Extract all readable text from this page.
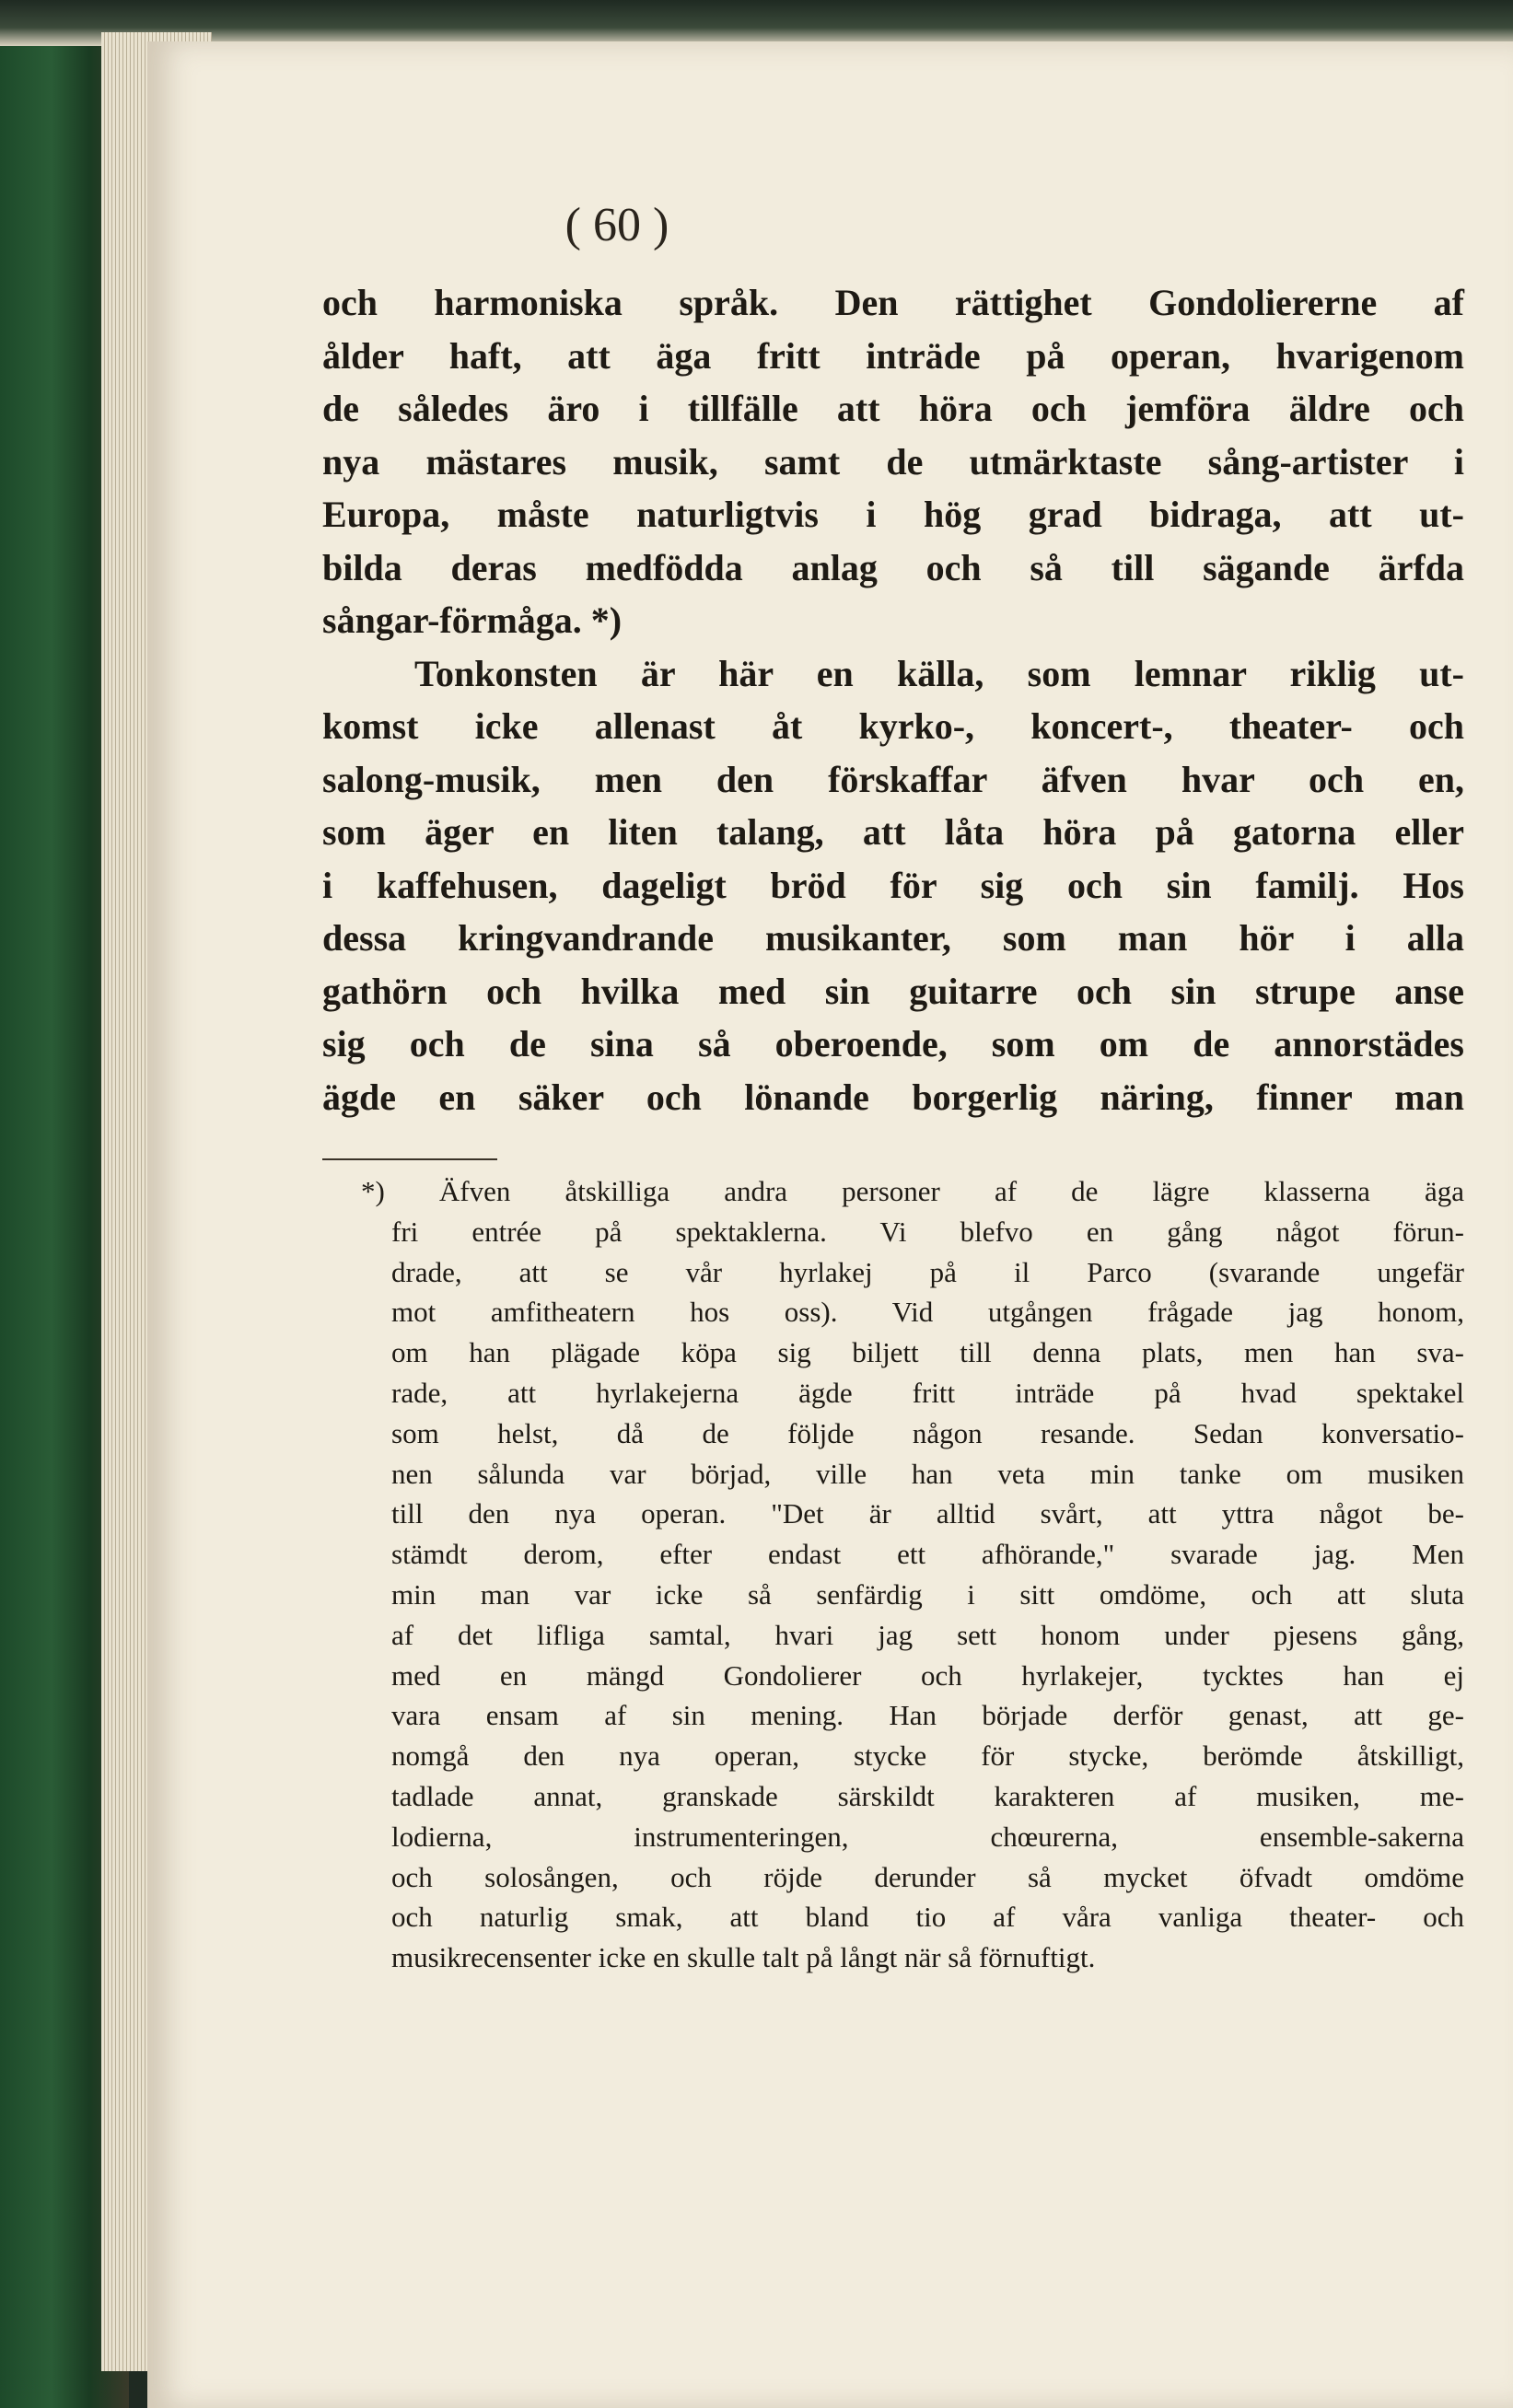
( 60 )
och harmoniska språk. Den rättighet Gondoliererne af
ålder haft, att äga fritt inträde på operan, hvarigenom
de således äro i tillfälle att höra och jemföra äldre och
nya mästares musik, samt de utmärktaste sång-artister i
Europa, måste naturligtvis i hög grad bidraga, att ut-
bilda deras medfödda anlag och så till sägande ärfda
sångar-förmåga. *)
Tonkonsten är här en källa, som lemnar riklig ut-
komst icke allenast åt kyrko-, koncert-, theater- och
salong-musik, men den förskaffar äfven hvar och en,
som äger en liten talang, att låta höra på gatorna eller
i kaffehusen, dageligt bröd för sig och sin familj. Hos
dessa kringvandrande musikanter, som man hör i alla
gathörn och hvilka med sin guitarre och sin strupe anse
sig och de sina så oberoende, som om de annorstädes
ägde en säker och lönande borgerlig näring, finner man
*) Äfven åtskilliga andra personer af de lägre klasserna äga
fri entrée på spektaklerna. Vi blefvo en gång något förun-
drade, att se vår hyrlakej på il Parco (svarande ungefär
mot amfitheatern hos oss). Vid utgången frågade jag honom,
om han plägade köpa sig biljett till denna plats, men han sva-
rade, att hyrlakejerna ägde fritt inträde på hvad spektakel
som helst, då de följde någon resande. Sedan konversatio-
nen sålunda var börjad, ville han veta min tanke om musiken
till den nya operan. "Det är alltid svårt, att yttra något be-
stämdt derom, efter endast ett afhörande," svarade jag. Men
min man var icke så senfärdig i sitt omdöme, och att sluta
af det lifliga samtal, hvari jag sett honom under pjesens gång,
med en mängd Gondolierer och hyrlakejer, tycktes han ej
vara ensam af sin mening. Han började derför genast, att ge-
nomgå den nya operan, stycke för stycke, berömde åtskilligt,
tadlade annat, granskade särskildt karakteren af musiken, me-
lodierna, instrumenteringen, chœurerna, ensemble-sakerna
och solosången, och röjde derunder så mycket öfvadt omdöme
och naturlig smak, att bland tio af våra vanliga theater- och
musikrecensenter icke en skulle talt på långt när så förnuftigt.
